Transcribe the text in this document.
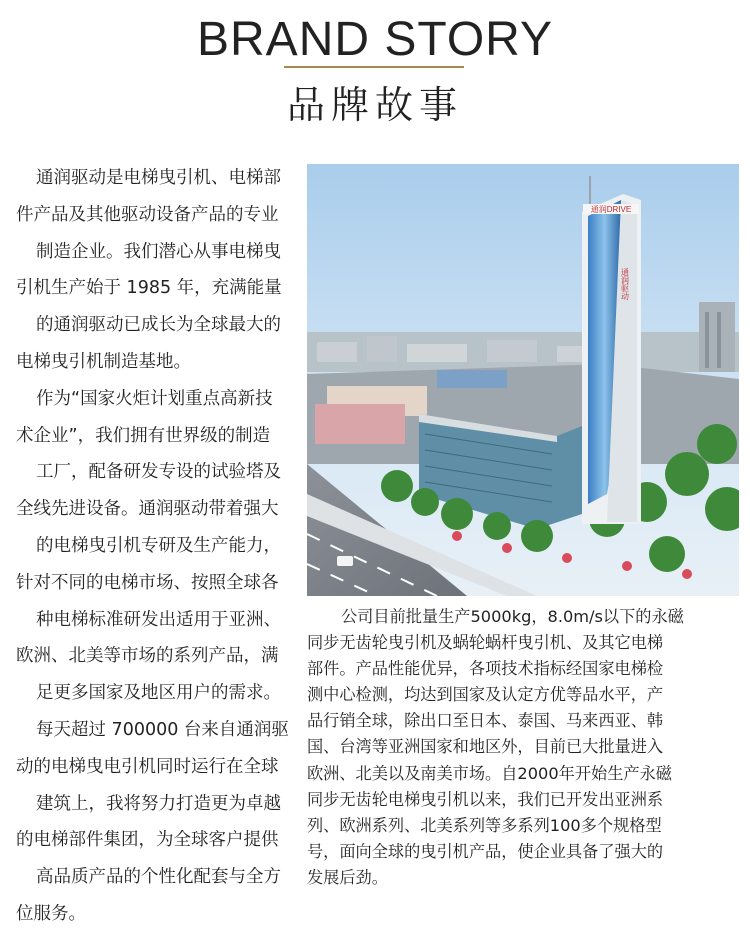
BRAND STORY
品牌故事

通润驱动是电梯曳引机、电梯部
件产品及其他驱动设备产品的专业
制造企业。我们潜心从事电梯曳
引机生产始于 1985 年，充满能量
的通润驱动已成长为全球最大的
电梯曳引机制造基地。
作为“国家火炬计划重点高新技
术企业”，我们拥有世界级的制造
工厂，配备研发专设的试验塔及
全线先进设备。通润驱动带着强大
的电梯曳引机专研及生产能力，
针对不同的电梯市场、按照全球各
种电梯标准研发出适用于亚洲、
欧洲、北美等市场的系列产品，满
足更多国家及地区用户的需求。
每天超过 700000 台来自通润驱
动的电梯曳电引机同时运行在全球
建筑上，我将努力打造更为卓越
的电梯部件集团，为全球客户提供
高品质产品的个性化配套与全方
位服务。

通润DRIVE
通润驱动
公司目前批量生产5000kg，8.0m/s以下的永磁
同步无齿轮曳引机及蜗轮蜗杆曳引机、及其它电梯
部件。产品性能优异，各项技术指标经国家电梯检
测中心检测，均达到国家及认定方优等品水平，产
品行销全球，除出口至日本、泰国、马来西亚、韩
国、台湾等亚洲国家和地区外，目前已大批量进入
欧洲、北美以及南美市场。自2000年开始生产永磁
同步无齿轮电梯曳引机以来，我们已开发出亚洲系
列、欧洲系列、北美系列等多系列100多个规格型
号，面向全球的曳引机产品，使企业具备了强大的
发展后劲。
